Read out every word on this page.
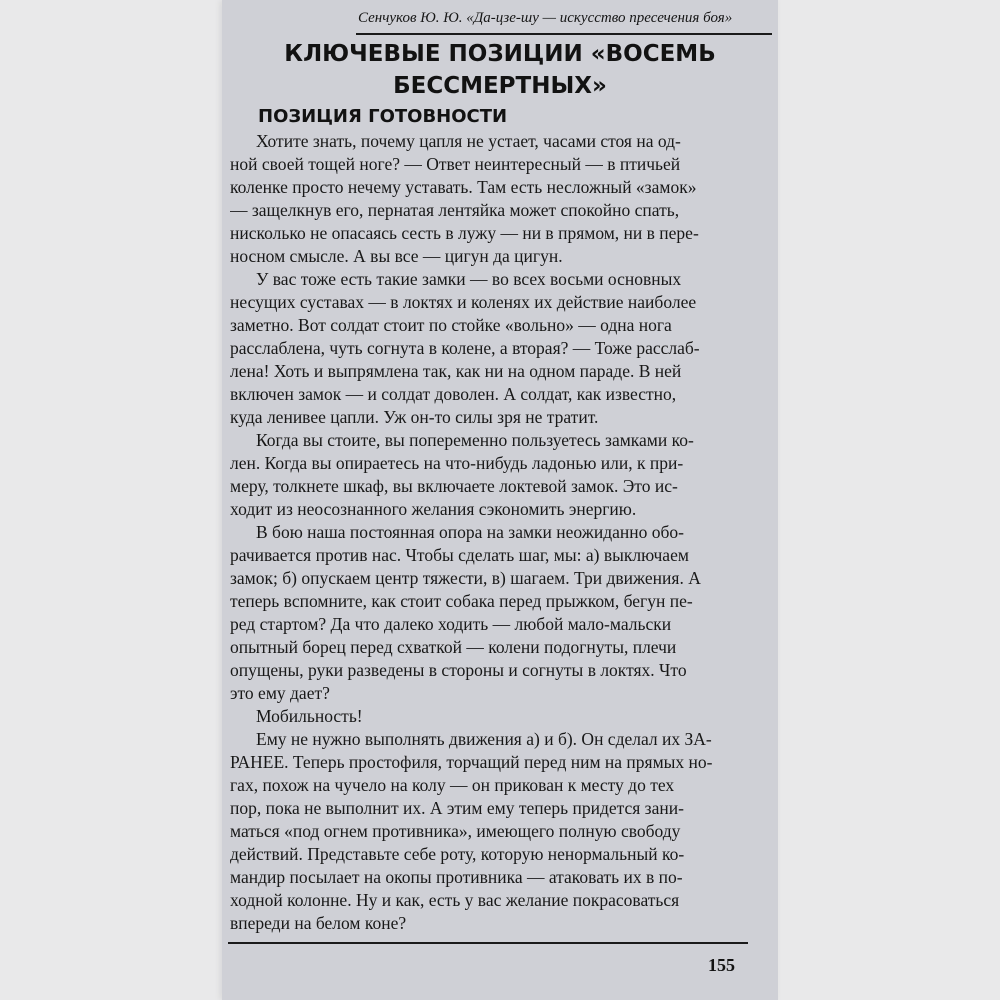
Сенчуков Ю. Ю. «Да-цзе-шу — искусство пресечения боя»
КЛЮЧЕВЫЕ ПОЗИЦИИ «ВОСЕМЬ
БЕССМЕРТНЫХ»
ПОЗИЦИЯ ГОТОВНОСТИ
Хотите знать, почему цапля не устает, часами стоя на од-
ной своей тощей ноге? — Ответ неинтересный — в птичьей
коленке просто нечему уставать. Там есть несложный «замок»
— защелкнув его, пернатая лентяйка может спокойно спать,
нисколько не опасаясь сесть в лужу — ни в прямом, ни в пере-
носном смысле. А вы все — цигун да цигун.
У вас тоже есть такие замки — во всех восьми основных
несущих суставах — в локтях и коленях их действие наиболее
заметно. Вот солдат стоит по стойке «вольно» — одна нога
расслаблена, чуть согнута в колене, а вторая? — Тоже расслаб-
лена! Хоть и выпрямлена так, как ни на одном параде. В ней
включен замок — и солдат доволен. А солдат, как известно,
куда ленивее цапли. Уж он-то силы зря не тратит.
Когда вы стоите, вы попеременно пользуетесь замками ко-
лен. Когда вы опираетесь на что-нибудь ладонью или, к при-
меру, толкнете шкаф, вы включаете локтевой замок. Это ис-
ходит из неосознанного желания сэкономить энергию.
В бою наша постоянная опора на замки неожиданно обо-
рачивается против нас. Чтобы сделать шаг, мы: а) выключаем
замок; б) опускаем центр тяжести, в) шагаем. Три движения. А
теперь вспомните, как стоит собака перед прыжком, бегун пе-
ред стартом? Да что далеко ходить — любой мало-мальски
опытный борец перед схваткой — колени подогнуты, плечи
опущены, руки разведены в стороны и согнуты в локтях. Что
это ему дает?
Мобильность!
Ему не нужно выполнять движения а) и б). Он сделал их ЗА-
РАНЕЕ. Теперь простофиля, торчащий перед ним на прямых но-
гах, похож на чучело на колу — он прикован к месту до тех
пор, пока не выполнит их. А этим ему теперь придется зани-
маться «под огнем противника», имеющего полную свободу
действий. Представьте себе роту, которую ненормальный ко-
мандир посылает на окопы противника — атаковать их в по-
ходной колонне. Ну и как, есть у вас желание покрасоваться
впереди на белом коне?
155
